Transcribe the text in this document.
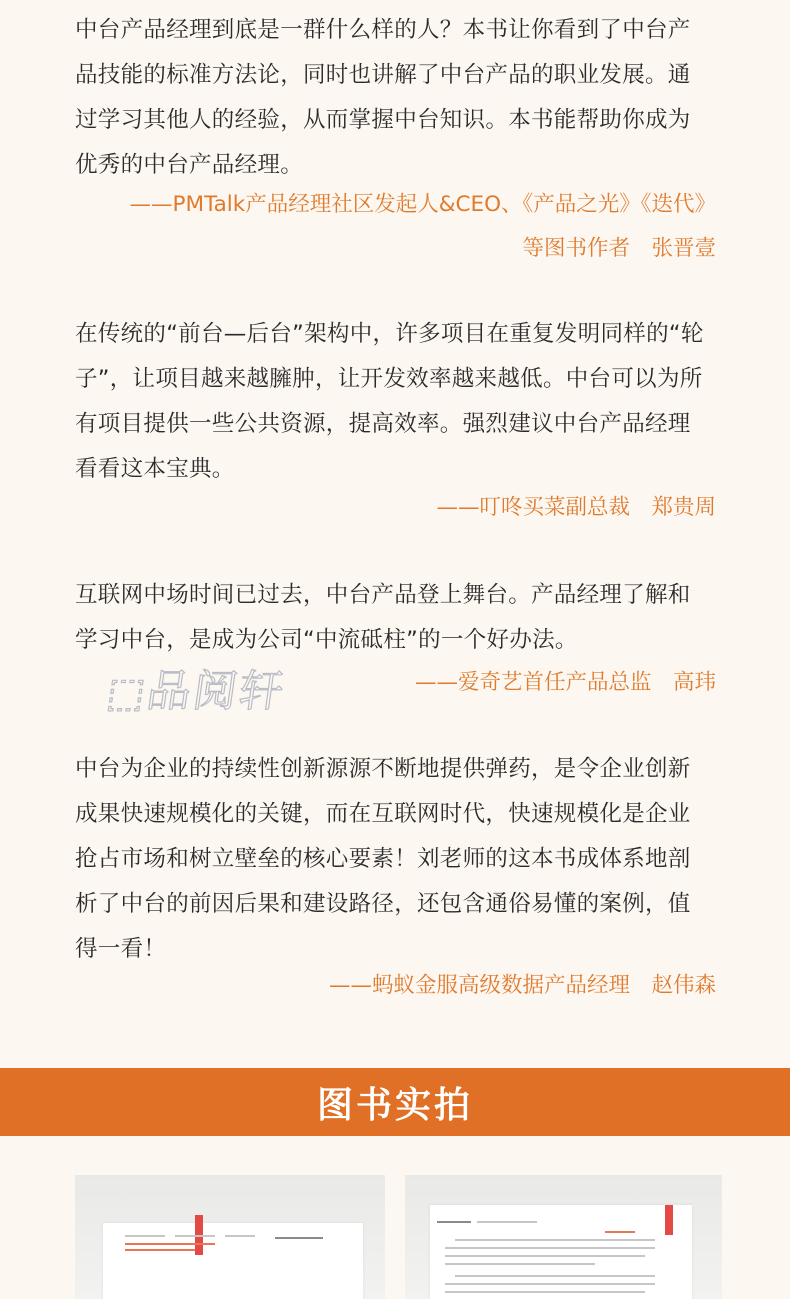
中台产品经理到底是一群什么样的人？本书让你看到了中台产
品技能的标准方法论，同时也讲解了中台产品的职业发展。通
过学习其他人的经验，从而掌握中台知识。本书能帮助你成为
优秀的中台产品经理。
——PMTalk产品经理社区发起人&CEO、《产品之光》《迭代》
等图书作者　张晋壹
在传统的“前台—后台”架构中，许多项目在重复发明同样的“轮
子”，让项目越来越臃肿，让开发效率越来越低。中台可以为所
有项目提供一些公共资源，提高效率。强烈建议中台产品经理
看看这本宝典。
——叮咚买菜副总裁　郑贵周
互联网中场时间已过去，中台产品登上舞台。产品经理了解和
学习中台，是成为公司“中流砥柱”的一个好办法。
——爱奇艺首任产品总监　高玮
⬚品阅轩
中台为企业的持续性创新源源不断地提供弹药，是令企业创新
成果快速规模化的关键，而在互联网时代，快速规模化是企业
抢占市场和树立壁垒的核心要素！刘老师的这本书成体系地剖
析了中台的前因后果和建设路径，还包含通俗易懂的案例，值
得一看！
——蚂蚁金服高级数据产品经理　赵伟森
图书实拍
